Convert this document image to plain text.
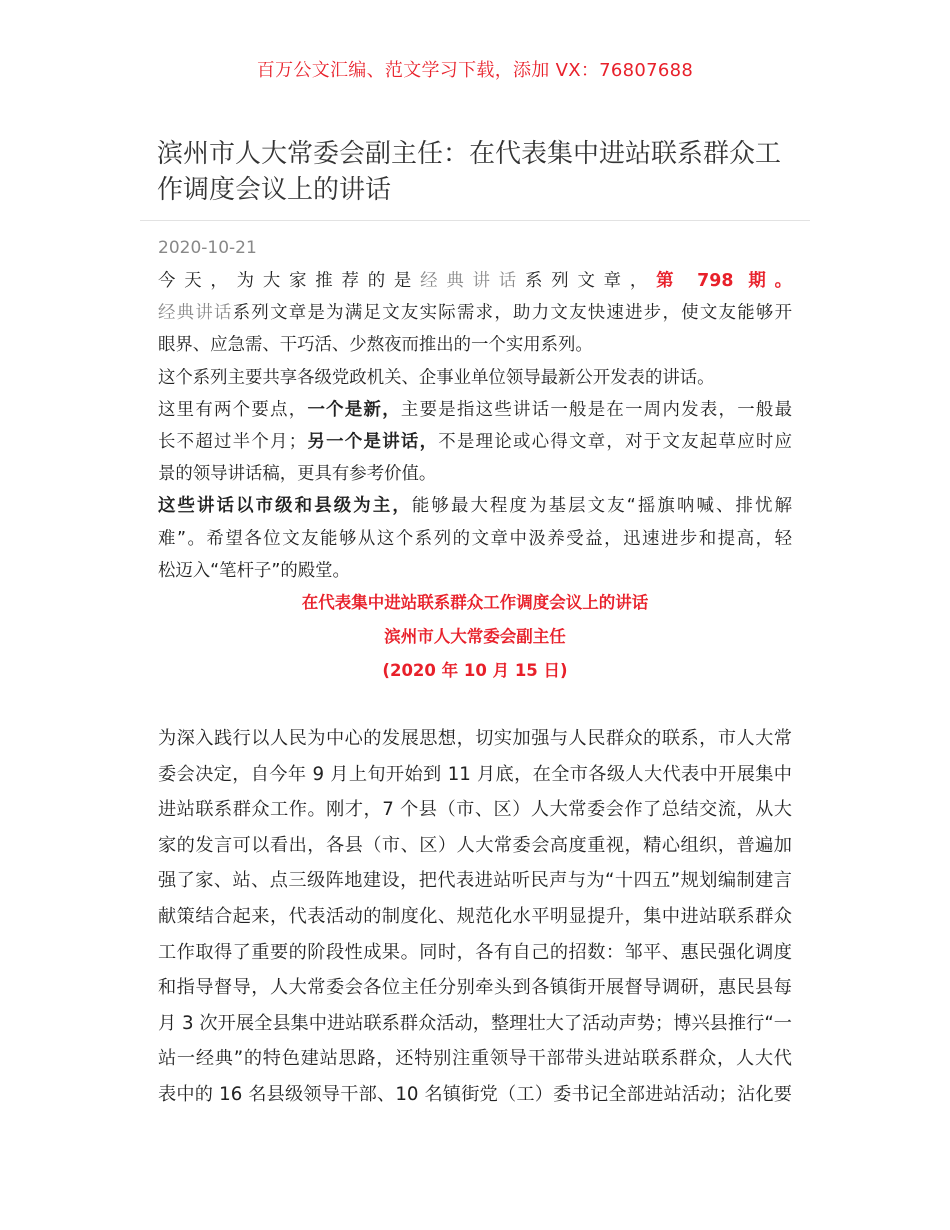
百万公文汇编、范文学习下载，添加 VX：76807688
滨州市人大常委会副主任：在代表集中进站联系群众工
作调度会议上的讲话
2020-10-21
今天，为大家推荐的是经典讲话系列文章，第 798 期。
经典讲话系列文章是为满足文友实际需求，助力文友快速进步，使文友能够开
眼界、应急需、干巧活、少熬夜而推出的一个实用系列。
这个系列主要共享各级党政机关、企事业单位领导最新公开发表的讲话。
这里有两个要点，一个是新，主要是指这些讲话一般是在一周内发表，一般最
长不超过半个月；另一个是讲话，不是理论或心得文章，对于文友起草应时应
景的领导讲话稿，更具有参考价值。
这些讲话以市级和县级为主，能够最大程度为基层文友“摇旗呐喊、排忧解
难”。希望各位文友能够从这个系列的文章中汲养受益，迅速进步和提高，轻
松迈入“笔杆子”的殿堂。
在代表集中进站联系群众工作调度会议上的讲话
滨州市人大常委会副主任
(2020 年 10 月 15 日)
为深入践行以人民为中心的发展思想，切实加强与人民群众的联系，市人大常
委会决定，自今年 9 月上旬开始到 11 月底，在全市各级人大代表中开展集中
进站联系群众工作。刚才，7 个县（市、区）人大常委会作了总结交流，从大
家的发言可以看出，各县（市、区）人大常委会高度重视，精心组织，普遍加
强了家、站、点三级阵地建设，把代表进站听民声与为“十四五”规划编制建言
献策结合起来，代表活动的制度化、规范化水平明显提升，集中进站联系群众
工作取得了重要的阶段性成果。同时，各有自己的招数：邹平、惠民强化调度
和指导督导，人大常委会各位主任分别牵头到各镇街开展督导调研，惠民县每
月 3 次开展全县集中进站联系群众活动，整理壮大了活动声势；博兴县推行“一
站一经典”的特色建站思路，还特别注重领导干部带头进站联系群众，人大代
表中的 16 名县级领导干部、10 名镇街党（工）委书记全部进站活动；沾化要
